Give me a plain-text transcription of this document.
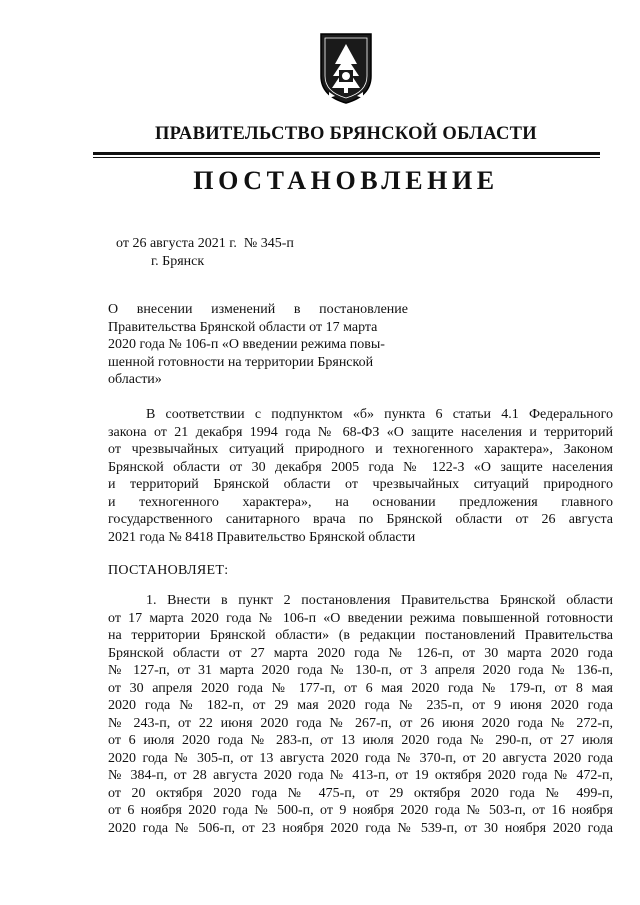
ПРАВИТЕЛЬСТВО БРЯНСКОЙ ОБЛАСТИ
ПОСТАНОВЛЕНИЕ
от 26 августа 2021 г. № 345-п
г. Брянск
О внесении изменений в постановление
Правительства Брянской области от 17 марта
2020 года № 106-п «О введении режима повы-
шенной готовности на территории Брянской
области»
В соответствии с подпунктом «б» пункта 6 статьи 4.1 Федерального
закона от 21 декабря 1994 года № 68-ФЗ «О защите населения и территорий
от чрезвычайных ситуаций природного и техногенного характера», Законом
Брянской области от 30 декабря 2005 года № 122-З «О защите населения
и территорий Брянской области от чрезвычайных ситуаций природного
и техногенного характера», на основании предложения главного
государственного санитарного врача по Брянской области от 26 августа
2021 года № 8418 Правительство Брянской области
ПОСТАНОВЛЯЕТ:
1. Внести в пункт 2 постановления Правительства Брянской области
от 17 марта 2020 года № 106-п «О введении режима повышенной готовности
на территории Брянской области» (в редакции постановлений Правительства
Брянской области от 27 марта 2020 года № 126-п, от 30 марта 2020 года
№ 127-п, от 31 марта 2020 года № 130-п, от 3 апреля 2020 года № 136-п,
от 30 апреля 2020 года № 177-п, от 6 мая 2020 года № 179-п, от 8 мая
2020 года № 182-п, от 29 мая 2020 года № 235-п, от 9 июня 2020 года
№ 243-п, от 22 июня 2020 года № 267-п, от 26 июня 2020 года № 272-п,
от 6 июля 2020 года № 283-п, от 13 июля 2020 года № 290-п, от 27 июля
2020 года № 305-п, от 13 августа 2020 года № 370-п, от 20 августа 2020 года
№ 384-п, от 28 августа 2020 года № 413-п, от 19 октября 2020 года № 472-п,
от 20 октября 2020 года № 475-п, от 29 октября 2020 года № 499-п,
от 6 ноября 2020 года № 500-п, от 9 ноября 2020 года № 503-п, от 16 ноября
2020 года № 506-п, от 23 ноября 2020 года № 539-п, от 30 ноября 2020 года
